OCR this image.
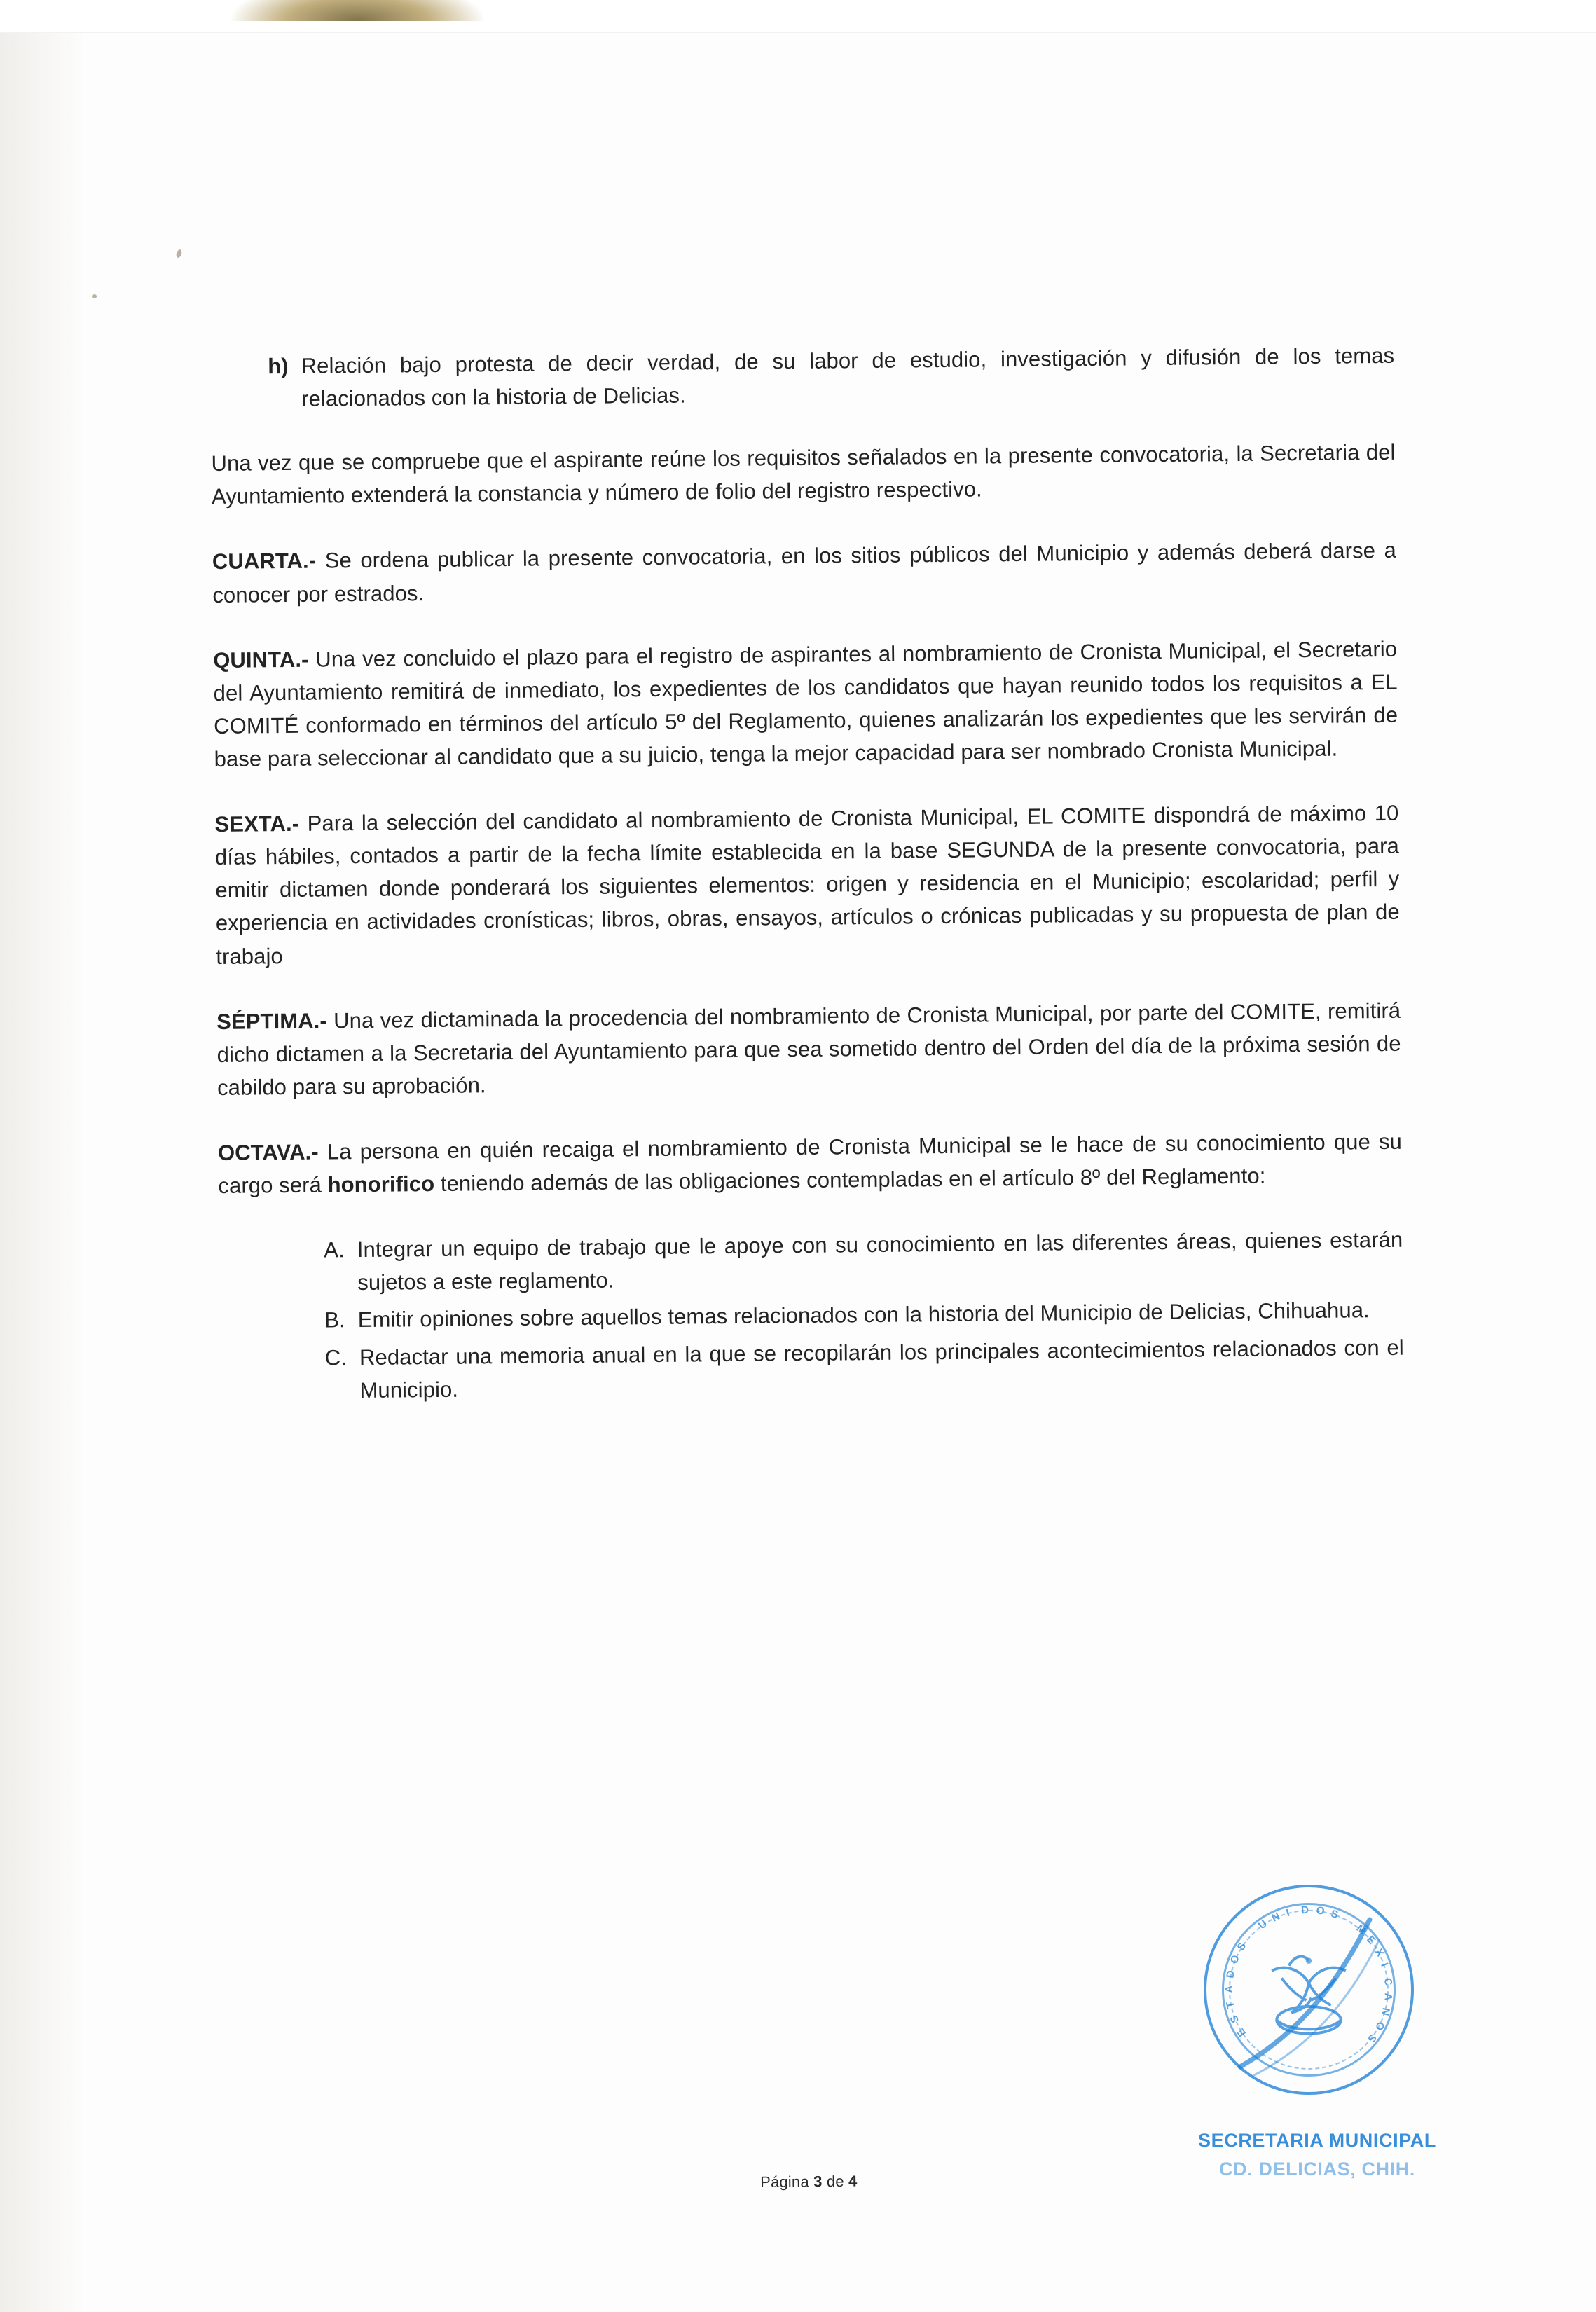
h) Relación bajo protesta de decir verdad, de su labor de estudio, investigación y difusión de los temas relacionados con la historia de Delicias.

Una vez que se compruebe que el aspirante reúne los requisitos señalados en la presente convocatoria, la Secretaria del Ayuntamiento extenderá la constancia y número de folio del registro respectivo.

CUARTA.- Se ordena publicar la presente convocatoria, en los sitios públicos del Municipio y además deberá darse a conocer por estrados.

QUINTA.- Una vez concluido el plazo para el registro de aspirantes al nombramiento de Cronista Municipal, el Secretario del Ayuntamiento remitirá de inmediato, los expedientes de los candidatos que hayan reunido todos los requisitos a EL COMITÉ conformado en términos del artículo 5º del Reglamento, quienes analizarán los expedientes que les servirán de base para seleccionar al candidato que a su juicio, tenga la mejor capacidad para ser nombrado Cronista Municipal.

SEXTA.- Para la selección del candidato al nombramiento de Cronista Municipal, EL COMITE dispondrá de máximo 10 días hábiles, contados a partir de la fecha límite establecida en la base SEGUNDA de la presente convocatoria, para emitir dictamen donde ponderará los siguientes elementos: origen y residencia en el Municipio; escolaridad; perfil y experiencia en actividades cronísticas; libros, obras, ensayos, artículos o crónicas publicadas y su propuesta de plan de trabajo

SÉPTIMA.- Una vez dictaminada la procedencia del nombramiento de Cronista Municipal, por parte del COMITE, remitirá dicho dictamen a la Secretaria del Ayuntamiento para que sea sometido dentro del Orden del día de la próxima sesión de cabildo para su aprobación.

OCTAVA.- La persona en quién recaiga el nombramiento de Cronista Municipal se le hace de su conocimiento que su cargo será honorifico teniendo además de las obligaciones contempladas en el artículo 8º del Reglamento:

A. Integrar un equipo de trabajo que le apoye con su conocimiento en las diferentes áreas, quienes estarán sujetos a este reglamento.
B. Emitir opiniones sobre aquellos temas relacionados con la historia del Municipio de Delicias, Chihuahua.
C. Redactar una memoria anual en la que se recopilarán los principales acontecimientos relacionados con el Municipio.
Página 3 de 4
E
S
T
A
D
O
S
U
N I D O S
M
E
X
I
C
A
N
O
S
SECRETARIA MUNICIPAL
CD. DELICIAS, CHIH.
